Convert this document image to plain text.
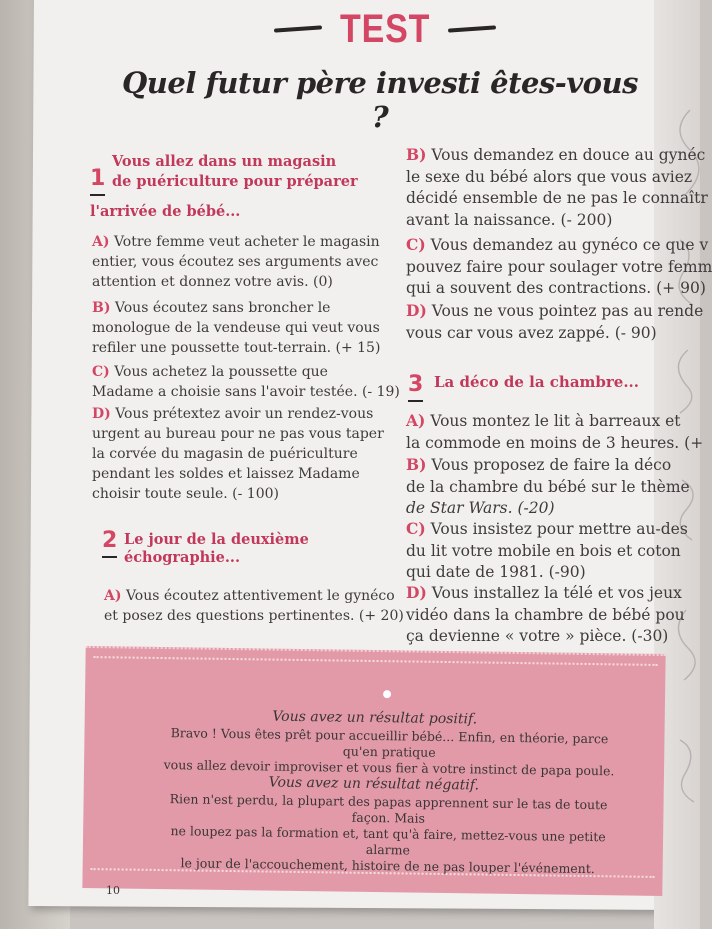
TEST
Quel futur père investi êtes-vous ?
1
Vous allez dans un magasin
de puériculture pour préparer
l'arrivée de bébé...
A) Votre femme veut acheter le magasin
entier, vous écoutez ses arguments avec
attention et donnez votre avis. (0)
B) Vous écoutez sans broncher le
monologue de la vendeuse qui veut vous
refiler une poussette tout-terrain. (+ 15)
C) Vous achetez la poussette que
Madame a choisie sans l'avoir testée. (- 19)
D) Vous prétextez avoir un rendez-vous
urgent au bureau pour ne pas vous taper
la corvée du magasin de puériculture
pendant les soldes et laissez Madame
choisir toute seule. (- 100)
2 Le jour de la deuxième
échographie...
A) Vous écoutez attentivement le gynéco
et posez des questions pertinentes. (+ 20)
B) Vous demandez en douce au gynéc
le sexe du bébé alors que vous aviez
décidé ensemble de ne pas le connaîtr
avant la naissance. (- 200)
C) Vous demandez au gynéco ce que v
pouvez faire pour soulager votre femm
qui a souvent des contractions. (+ 90)
D) Vous ne vous pointez pas au rende
vous car vous avez zappé. (- 90)
3 La déco de la chambre...
A) Vous montez le lit à barreaux et
la commode en moins de 3 heures. (+
B) Vous proposez de faire la déco
de la chambre du bébé sur le thème
de Star Wars. (-20)
C) Vous insistez pour mettre au-des
du lit votre mobile en bois et coton
qui date de 1981. (-90)
D) Vous installez la télé et vos jeux
vidéo dans la chambre de bébé pou
ça devienne « votre » pièce. (-30)
Vous avez un résultat positif.
Bravo ! Vous êtes prêt pour accueillir bébé... Enfin, en théorie, parce qu'en pratique
vous allez devoir improviser et vous fier à votre instinct de papa poule.
Vous avez un résultat négatif.
Rien n'est perdu, la plupart des papas apprennent sur le tas de toute façon. Mais
ne loupez pas la formation et, tant qu'à faire, mettez-vous une petite alarme
le jour de l'accouchement, histoire de ne pas louper l'événement.
10
